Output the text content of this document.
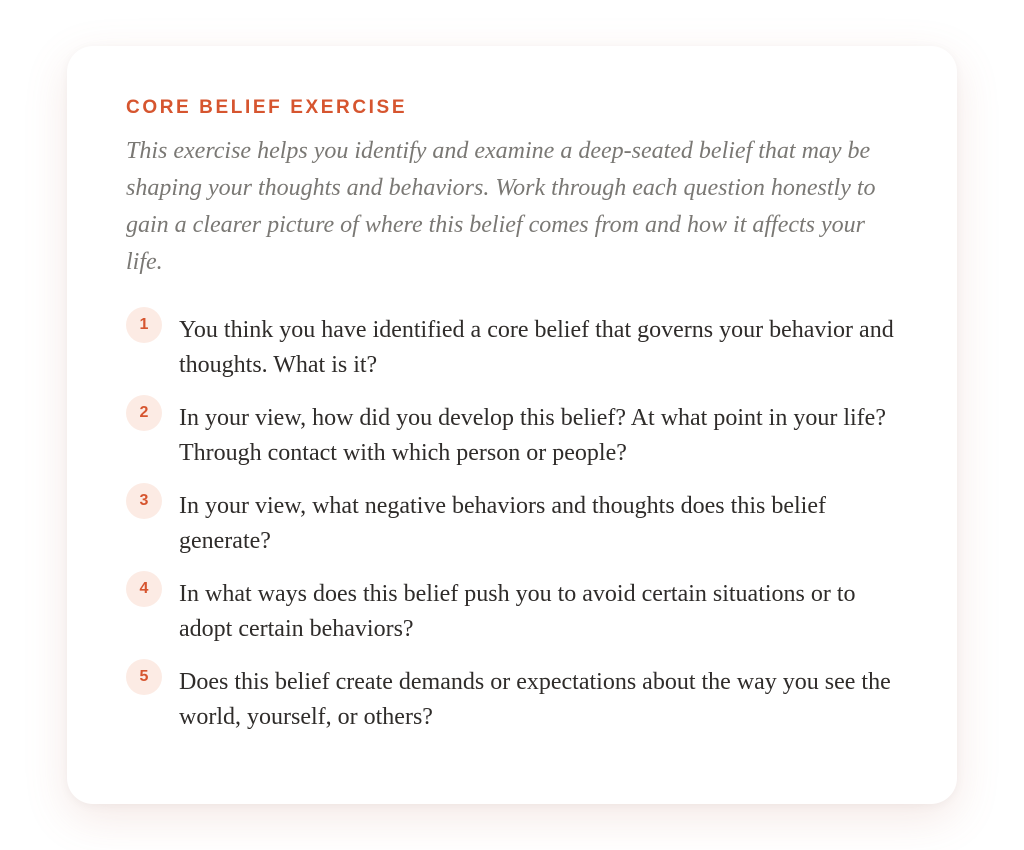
CORE BELIEF EXERCISE

This exercise helps you identify and examine a deep-seated belief that may be shaping your thoughts and behaviors. Work through each question honestly to gain a clearer picture of where this belief comes from and how it affects your life.

1	You think you have identified a core belief that governs your behavior and thoughts. What is it?
2	In your view, how did you develop this belief? At what point in your life? Through contact with which person or people?
3	In your view, what negative behaviors and thoughts does this belief generate?
4	In what ways does this belief push you to avoid certain situations or to adopt certain behaviors?
5	Does this belief create demands or expectations about the way you see the world, yourself, or others?
